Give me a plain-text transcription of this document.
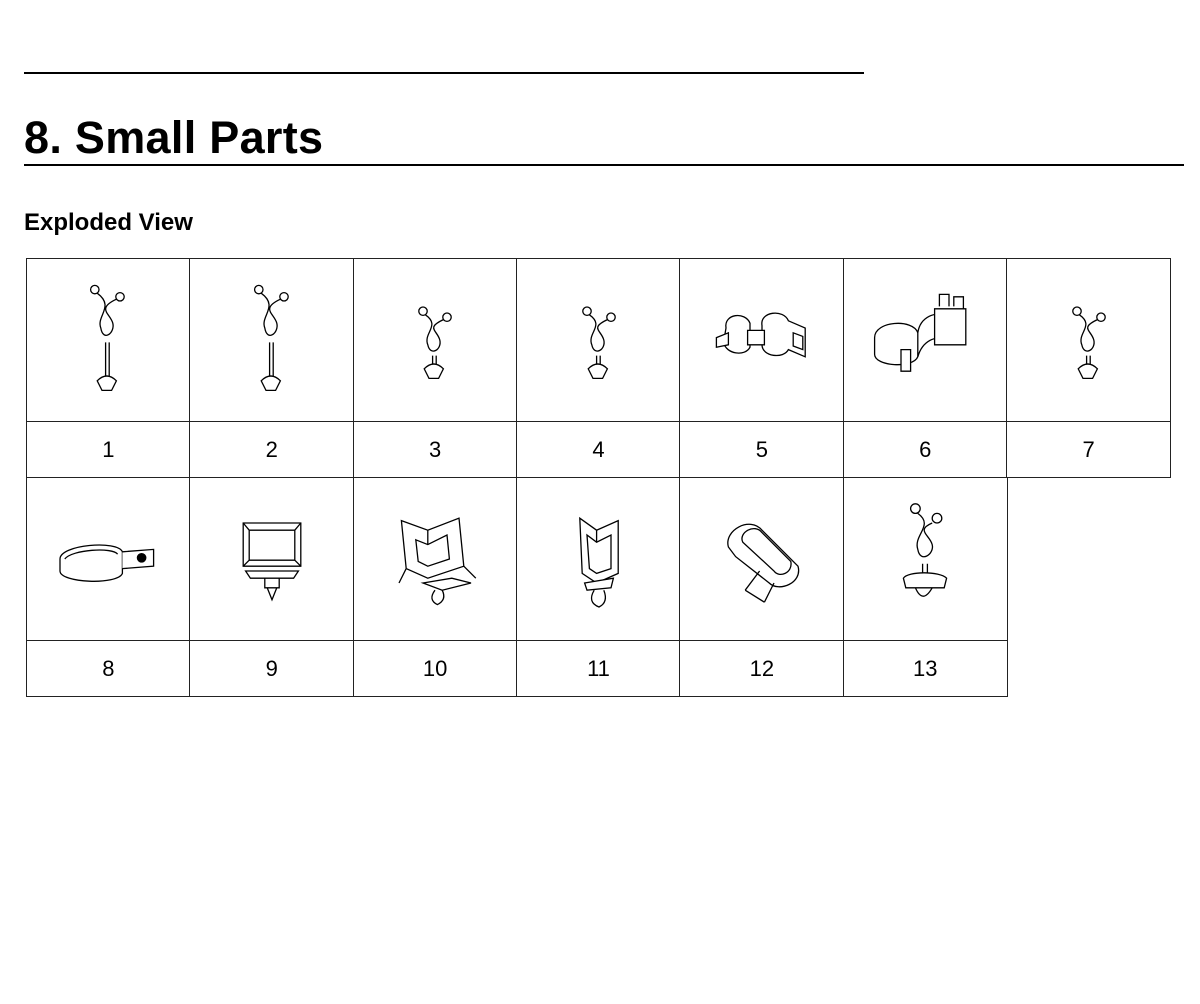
8. Small Parts
Exploded View
1	2	3	4	5	6	7
8	9	10	11	12	13
